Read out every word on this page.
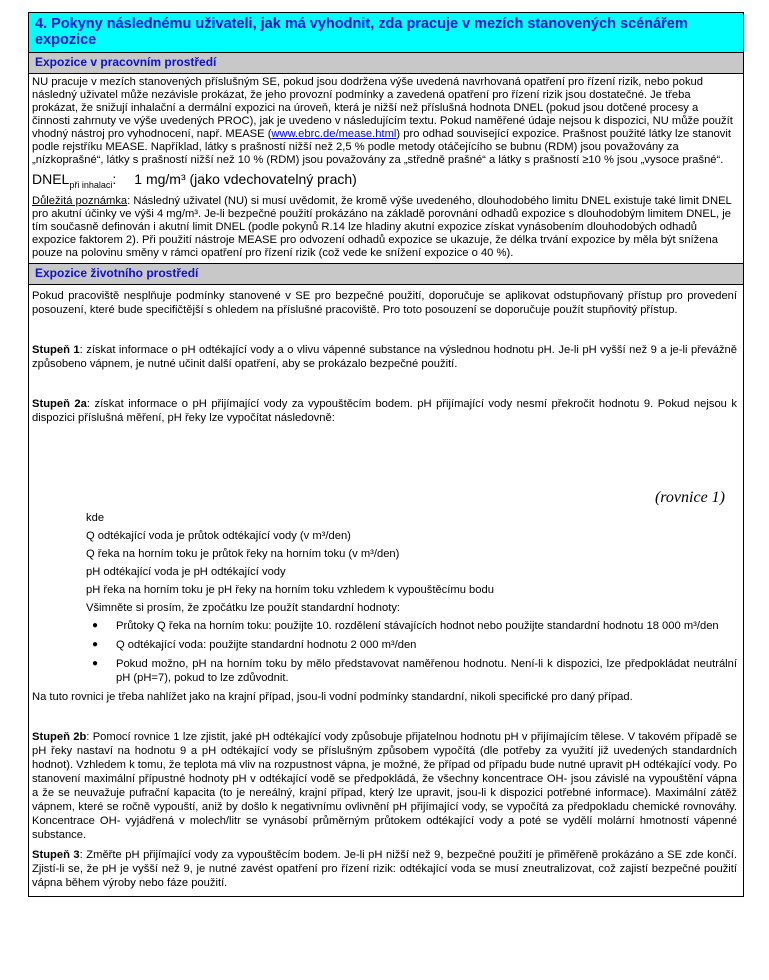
4. Pokyny následnému uživateli, jak má vyhodnit, zda pracuje v mezích stanovených scénářem expozice
Expozice v pracovním prostředí

NU pracuje v mezích stanovených příslušným SE, pokud jsou dodržena výše uvedená navrhovaná opatření pro řízení rizik, nebo pokud následný uživatel může nezávisle prokázat, že jeho provozní podmínky a zavedená opatření pro řízení rizik jsou dostatečné. Je třeba prokázat, že snižují inhalační a dermální expozici na úroveň, která je nižší než příslušná hodnota DNEL (pokud jsou dotčené procesy a činnosti zahrnuty ve výše uvedených PROC), jak je uvedeno v následujícím textu. Pokud naměřené údaje nejsou k dispozici, NU může použít vhodný nástroj pro vyhodnocení, např. MEASE (www.ebrc.de/mease.html) pro odhad související expozice. Prašnost použité látky lze stanovit podle rejstříku MEASE. Například, látky s prašností nižší než 2,5 % podle metody otáčejícího se bubnu (RDM) jsou považovány za „nízkoprašné“, látky s prašností nižší než 10 % (RDM) jsou považovány za „středně prašné“ a látky s prašností ≥10 % jsou „vysoce prašné“.

$DNEL_{při inhalaci}$: 1 mg/m³ (jako vdechovatelný prach)

Důležitá poznámka: Následný uživatel (NU) si musí uvědomit, že kromě výše uvedeného, dlouhodobého limitu DNEL existuje také limit DNEL pro akutní účinky ve výši 4 mg/m³. Je-li bezpečné použití prokázáno na základě porovnání odhadů expozice s dlouhodobým limitem DNEL, je tím současně definován i akutní limit DNEL (podle pokynů R.14 lze hladiny akutní expozice získat vynásobením dlouhodobých odhadů expozice faktorem 2). Při použití nástroje MEASE pro odvození odhadů expozice se ukazuje, že délka trvání expozice by měla být snížena pouze na polovinu směny v rámci opatření pro řízení rizik (což vede ke snížení expozice o 40 %).

Expozice životního prostředí

Pokud pracoviště nesplňuje podmínky stanovené v SE pro bezpečné použití, doporučuje se aplikovat odstupňovaný přístup pro provedení posouzení, které bude specifičtější s ohledem na příslušné pracoviště. Pro toto posouzení se doporučuje použít stupňovitý přístup.

Stupeň 1: získat informace o pH odtékající vody a o vlivu vápenné substance na výslednou hodnotu pH. Je-li pH vyšší než 9 a je-li převážně způsobeno vápnem, je nutné učinit další opatření, aby se prokázalo bezpečné použití.

Stupeň 2a: získat informace o pH přijímající vody za vypouštěcím bodem. pH přijímající vody nesmí překročit hodnotu 9. Pokud nejsou k dispozici příslušná měření, pH řeky lze vypočítat následovně:

(rovnice 1)
kde
Q odtékající voda je průtok odtékající vody (v m³/den)
Q řeka na horním toku je průtok řeky na horním toku (v m³/den)
pH odtékající voda je pH odtékající vody
pH řeka na horním toku je pH řeky na horním toku vzhledem k vypouštěcímu bodu
Všimněte si prosím, že zpočátku lze použít standardní hodnoty:
● Průtoky Q řeka na horním toku: použijte 10. rozdělení stávajících hodnot nebo použijte standardní hodnotu 18 000 m³/den
● Q odtékající voda: použijte standardní hodnotu 2 000 m³/den
● Pokud možno, pH na horním toku by mělo představovat naměřenou hodnotu. Není-li k dispozici, lze předpokládat neutrální pH (pH=7), pokud to lze zdůvodnit.

Na tuto rovnici je třeba nahlížet jako na krajní případ, jsou-li vodní podmínky standardní, nikoli specifické pro daný případ.

Stupeň 2b: Pomocí rovnice 1 lze zjistit, jaké pH odtékající vody způsobuje přijatelnou hodnotu pH v přijímajícím tělese. V takovém případě se pH řeky nastaví na hodnotu 9 a pH odtékající vody se příslušným způsobem vypočítá (dle potřeby za využití již uvedených standardních hodnot). Vzhledem k tomu, že teplota má vliv na rozpustnost vápna, je možné, že případ od případu bude nutné upravit pH odtékající vody. Po stanovení maximální přípustné hodnoty pH v odtékající vodě se předpokládá, že všechny koncentrace OH- jsou závislé na vypouštění vápna a že se neuvažuje pufrační kapacita (to je nereálný, krajní případ, který lze upravit, jsou-li k dispozici potřebné informace). Maximální zátěž vápnem, které se ročně vypouští, aniž by došlo k negativnímu ovlivnění pH přijímající vody, se vypočítá za předpokladu chemické rovnováhy. Koncentrace OH- vyjádřená v molech/litr se vynásobí průměrným průtokem odtékající vody a poté se vydělí molární hmotností vápenné substance.

Stupeň 3: Změřte pH přijímající vody za vypouštěcím bodem. Je-li pH nižší než 9, bezpečné použití je přiměřeně prokázáno a SE zde končí. Zjistí-li se, že pH je vyšší než 9, je nutné zavést opatření pro řízení rizik: odtékající voda se musí zneutralizovat, což zajistí bezpečné použití vápna během výroby nebo fáze použití.
